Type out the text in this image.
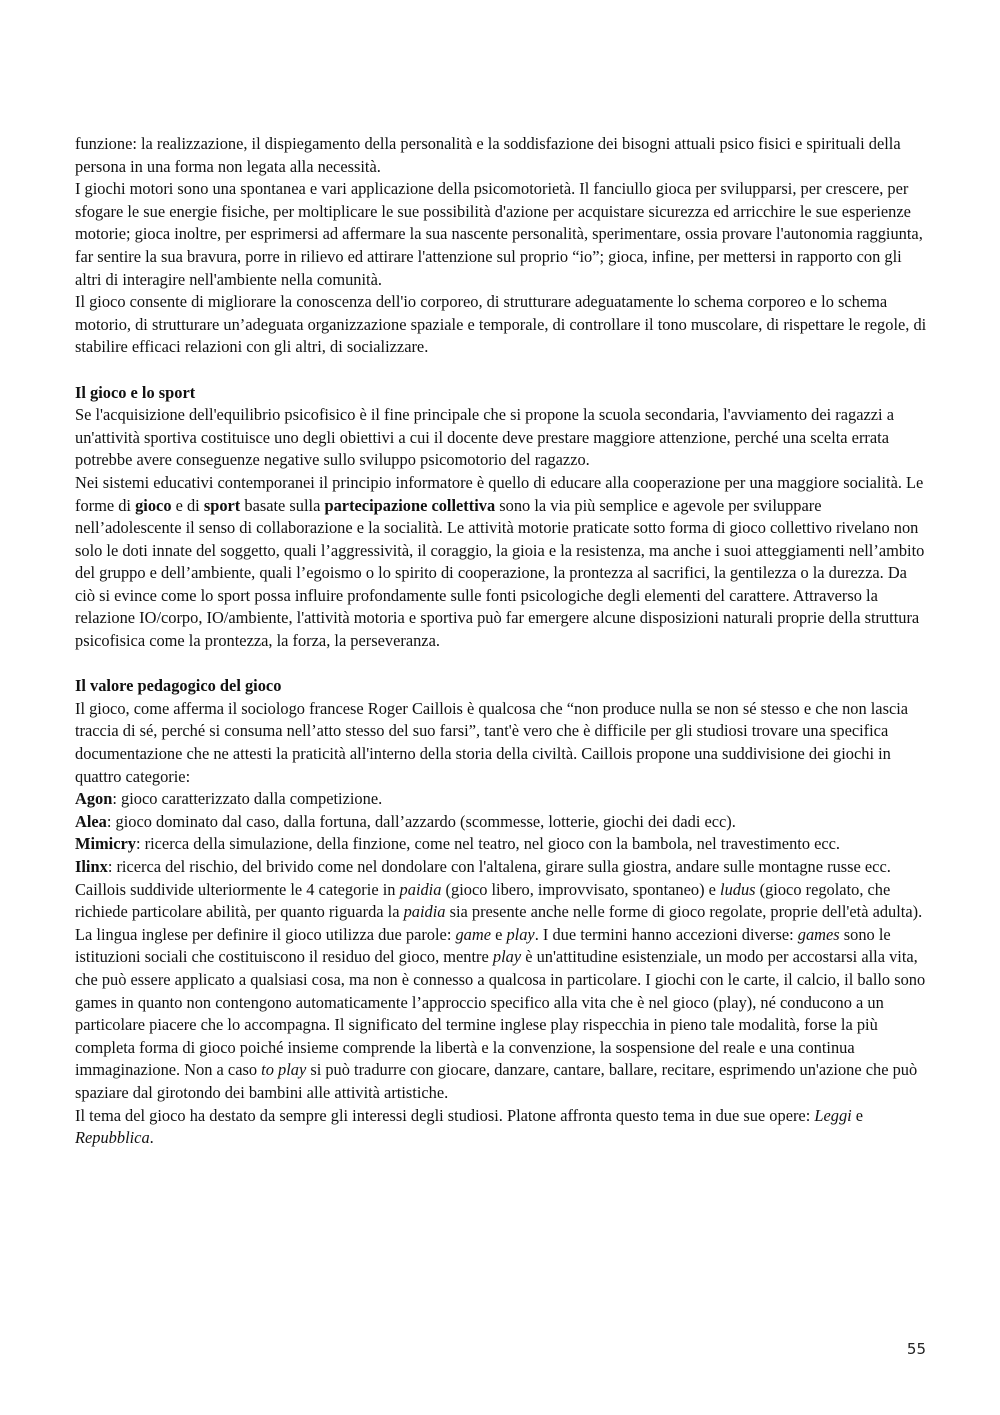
funzione: la realizzazione, il dispiegamento della personalità e la soddisfazione dei bisogni attuali psico fisici e spirituali della persona in una forma non legata alla necessità.

I giochi motori sono una spontanea e vari applicazione della psicomotorietà. Il fanciullo gioca per svilupparsi, per crescere, per sfogare le sue energie fisiche, per moltiplicare le sue possibilità d'azione per acquistare sicurezza ed arricchire le sue esperienze motorie; gioca inoltre, per esprimersi ad affermare la sua nascente personalità, sperimentare, ossia provare l'autonomia raggiunta, far sentire la sua bravura, porre in rilievo ed attirare l'attenzione sul proprio “io”; gioca, infine, per mettersi in rapporto con gli altri di interagire nell'ambiente nella comunità.

Il gioco consente di migliorare la conoscenza dell'io corporeo, di strutturare adeguatamente lo schema corporeo e lo schema motorio, di strutturare un’adeguata organizzazione spaziale e temporale, di controllare il tono muscolare, di rispettare le regole, di stabilire efficaci relazioni con gli altri, di socializzare.

Il gioco e lo sport

Se l'acquisizione dell'equilibrio psicofisico è il fine principale che si propone la scuola secondaria, l'avviamento dei ragazzi a un'attività sportiva costituisce uno degli obiettivi a cui il docente deve prestare maggiore attenzione, perché una scelta errata potrebbe avere conseguenze negative sullo sviluppo psicomotorio del ragazzo.

Nei sistemi educativi contemporanei il principio informatore è quello di educare alla cooperazione per una maggiore socialità. Le forme di gioco e di sport basate sulla partecipazione collettiva sono la via più semplice e agevole per sviluppare nell’adolescente il senso di collaborazione e la socialità. Le attività motorie praticate sotto forma di gioco collettivo rivelano non solo le doti innate del soggetto, quali l’aggressività, il coraggio, la gioia e la resistenza, ma anche i suoi atteggiamenti nell’ambito del gruppo e dell’ambiente, quali l’egoismo o lo spirito di cooperazione, la prontezza al sacrifici, la gentilezza o la durezza. Da ciò si evince come lo sport possa influire profondamente sulle fonti psicologiche degli elementi del carattere. Attraverso la relazione IO/corpo, IO/ambiente, l'attività motoria e sportiva può far emergere alcune disposizioni naturali proprie della struttura psicofisica come la prontezza, la forza, la perseveranza.

Il valore pedagogico del gioco

Il gioco, come afferma il sociologo francese Roger Caillois è qualcosa che “non produce nulla se non sé stesso e che non lascia traccia di sé, perché si consuma nell’atto stesso del suo farsi”, tant'è vero che è difficile per gli studiosi trovare una specifica documentazione che ne attesti la praticità all'interno della storia della civiltà. Caillois propone una suddivisione dei giochi in quattro categorie:

Agon: gioco caratterizzato dalla competizione.

Alea: gioco dominato dal caso, dalla fortuna, dall’azzardo (scommesse, lotterie, giochi dei dadi ecc).

Mimicry: ricerca della simulazione, della finzione, come nel teatro, nel gioco con la bambola, nel travestimento ecc.

Ilinx: ricerca del rischio, del brivido come nel dondolare con l'altalena, girare sulla giostra, andare sulle montagne russe ecc.

Caillois suddivide ulteriormente le 4 categorie in paidia (gioco libero, improvvisato, spontaneo) e ludus (gioco regolato, che richiede particolare abilità, per quanto riguarda la paidia sia presente anche nelle forme di gioco regolate, proprie dell'età adulta).

La lingua inglese per definire il gioco utilizza due parole: game e play. I due termini hanno accezioni diverse: games sono le istituzioni sociali che costituiscono il residuo del gioco, mentre play è un'attitudine esistenziale, un modo per accostarsi alla vita, che può essere applicato a qualsiasi cosa, ma non è connesso a qualcosa in particolare. I giochi con le carte, il calcio, il ballo sono games in quanto non contengono automaticamente l’approccio specifico alla vita che è nel gioco (play), né conducono a un particolare piacere che lo accompagna. Il significato del termine inglese play rispecchia in pieno tale modalità, forse la più completa forma di gioco poiché insieme comprende la libertà e la convenzione, la sospensione del reale e una continua immaginazione. Non a caso to play si può tradurre con giocare, danzare, cantare, ballare, recitare, esprimendo un'azione che può spaziare dal girotondo dei bambini alle attività artistiche.

Il tema del gioco ha destato da sempre gli interessi degli studiosi. Platone affronta questo tema in due sue opere: Leggi e Repubblica.

55
